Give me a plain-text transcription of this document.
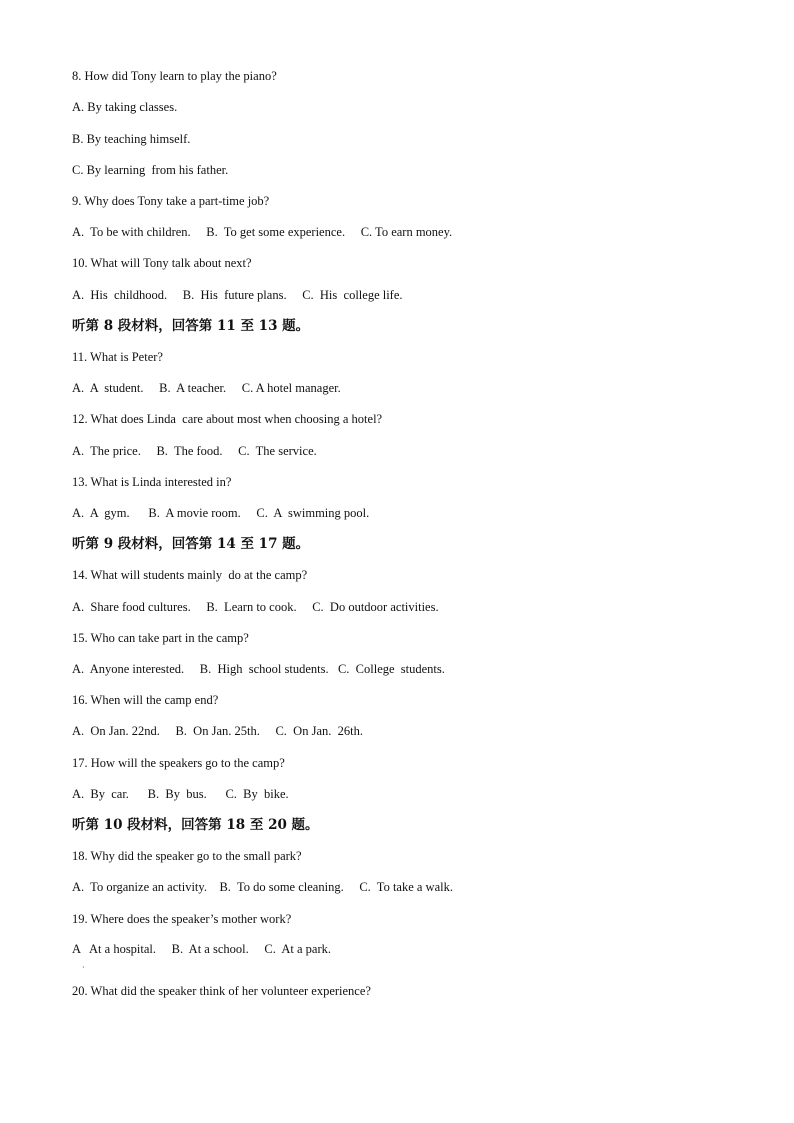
8. How did Tony learn to play the piano?
A. By taking classes.
B. By teaching himself.
C. By learning  from his father.
9. Why does Tony take a part-time job?
A.  To be with children.     B.  To get some experience.     C. To earn money.
10. What will Tony talk about next?
A.  His  childhood.     B.  His  future plans.     C.  His  college life.
听第 8 段材料，回答第 11 至 13 题。
11. What is Peter?
A.  A  student.     B.  A teacher.     C. A hotel manager.
12. What does Linda  care about most when choosing a hotel?
A.  The price.     B.  The food.     C.  The service.
13. What is Linda interested in?
A.  A  gym.      B.  A movie room.     C.  A  swimming pool.
听第 9 段材料，回答第 14 至 17 题。
14. What will students mainly  do at the camp?
A.  Share food cultures.     B.  Learn to cook.     C.  Do outdoor activities.
15. Who can take part in the camp?
A.  Anyone interested.     B.  High  school students.   C.  College  students.
16. When will the camp end?
A.  On Jan. 22nd.     B.  On Jan. 25th.     C.  On Jan.  26th.
17. How will the speakers go to the camp?
A.  By  car.      B.  By  bus.      C.  By  bike.
听第 10 段材料，回答第 18 至 20 题。
18. Why did the speaker go to the small park?
A.  To organize an activity.    B.  To do some cleaning.     C.  To take a walk.
19. Where does the speaker’s mother work?
A   At a hospital.     B.  At a school.     C.  At a park.
·
20. What did the speaker think of her volunteer experience?
